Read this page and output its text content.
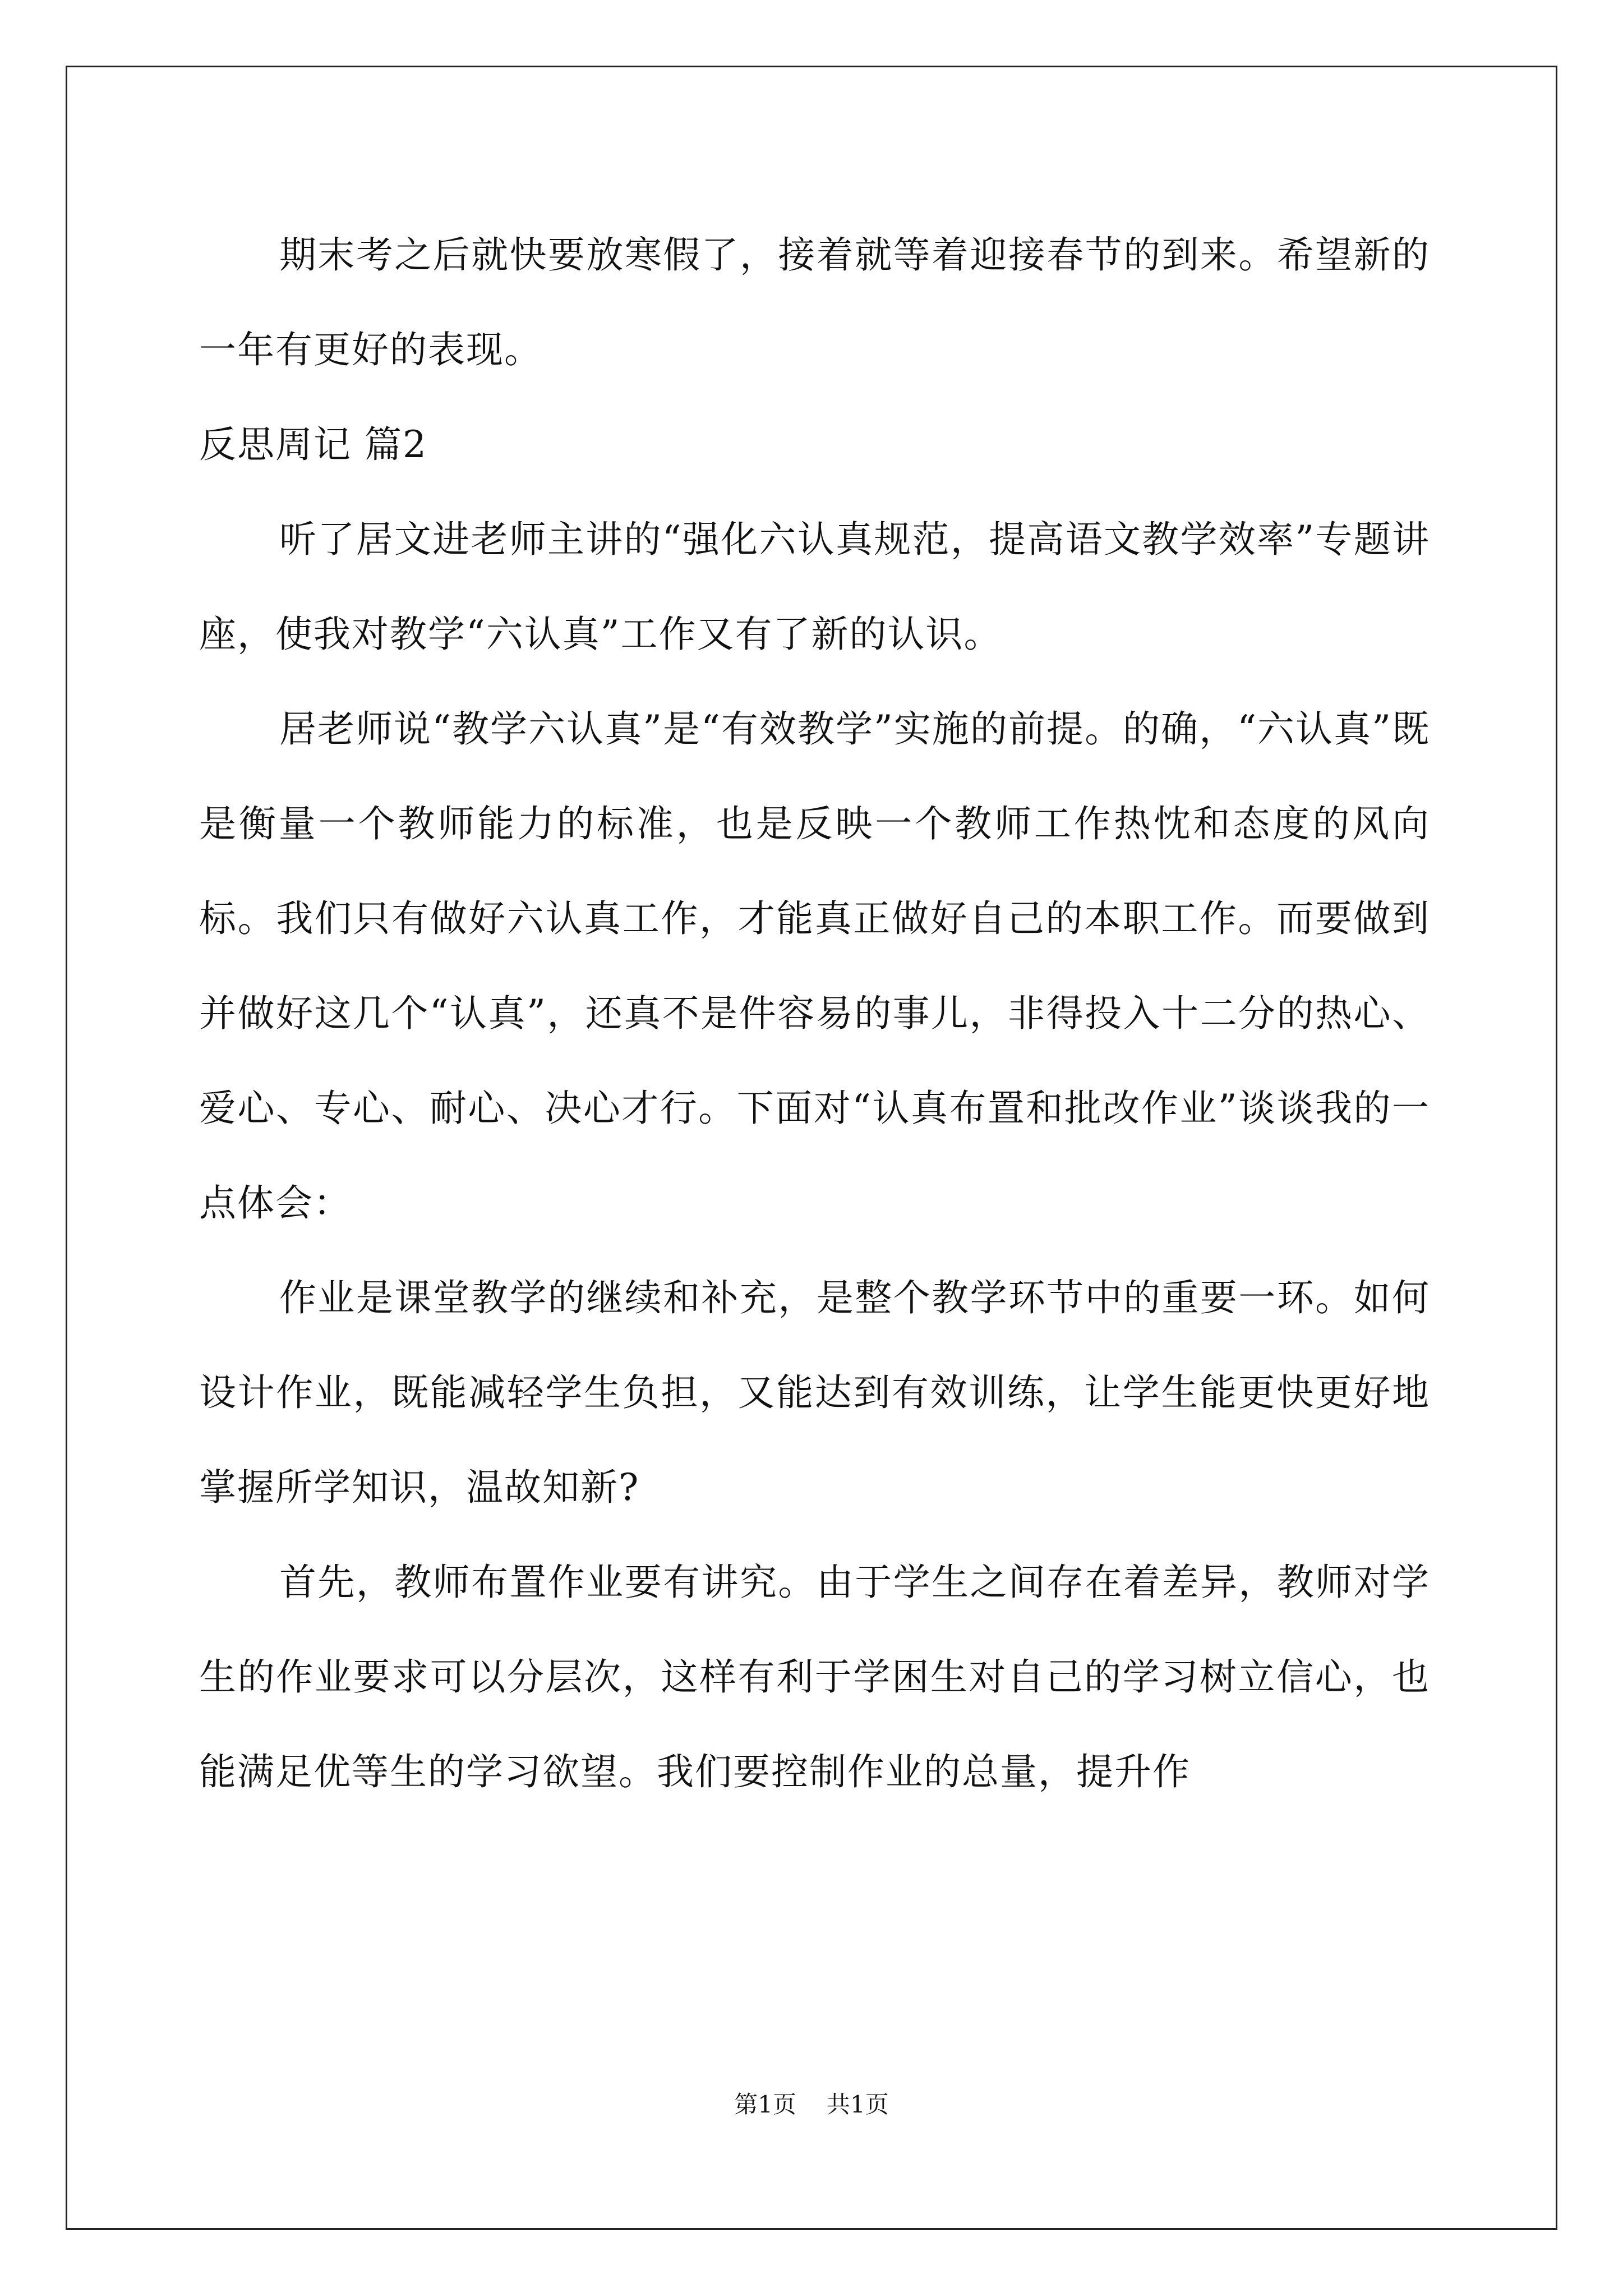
期末考之后就快要放寒假了，接着就等着迎接春节的到来。希望新的一年有更好的表现。

反思周记 篇2

听了居文进老师主讲的“强化六认真规范，提高语文教学效率”专题讲座，使我对教学“六认真”工作又有了新的认识。

居老师说“教学六认真”是“有效教学”实施的前提。的确，“六认真”既是衡量一个教师能力的标准，也是反映一个教师工作热忱和态度的风向标。我们只有做好六认真工作，才能真正做好自己的本职工作。而要做到并做好这几个“认真”，还真不是件容易的事儿，非得投入十二分的热心、爱心、专心、耐心、决心才行。下面对“认真布置和批改作业”谈谈我的一点体会：

作业是课堂教学的继续和补充，是整个教学环节中的重要一环。如何设计作业，既能减轻学生负担，又能达到有效训练，让学生能更快更好地掌握所学知识，温故知新?

首先，教师布置作业要有讲究。由于学生之间存在着差异，教师对学生的作业要求可以分层次，这样有利于学困生对自己的学习树立信心，也能满足优等生的学习欲望。我们要控制作业的总量，提升作

第1页 共1页
